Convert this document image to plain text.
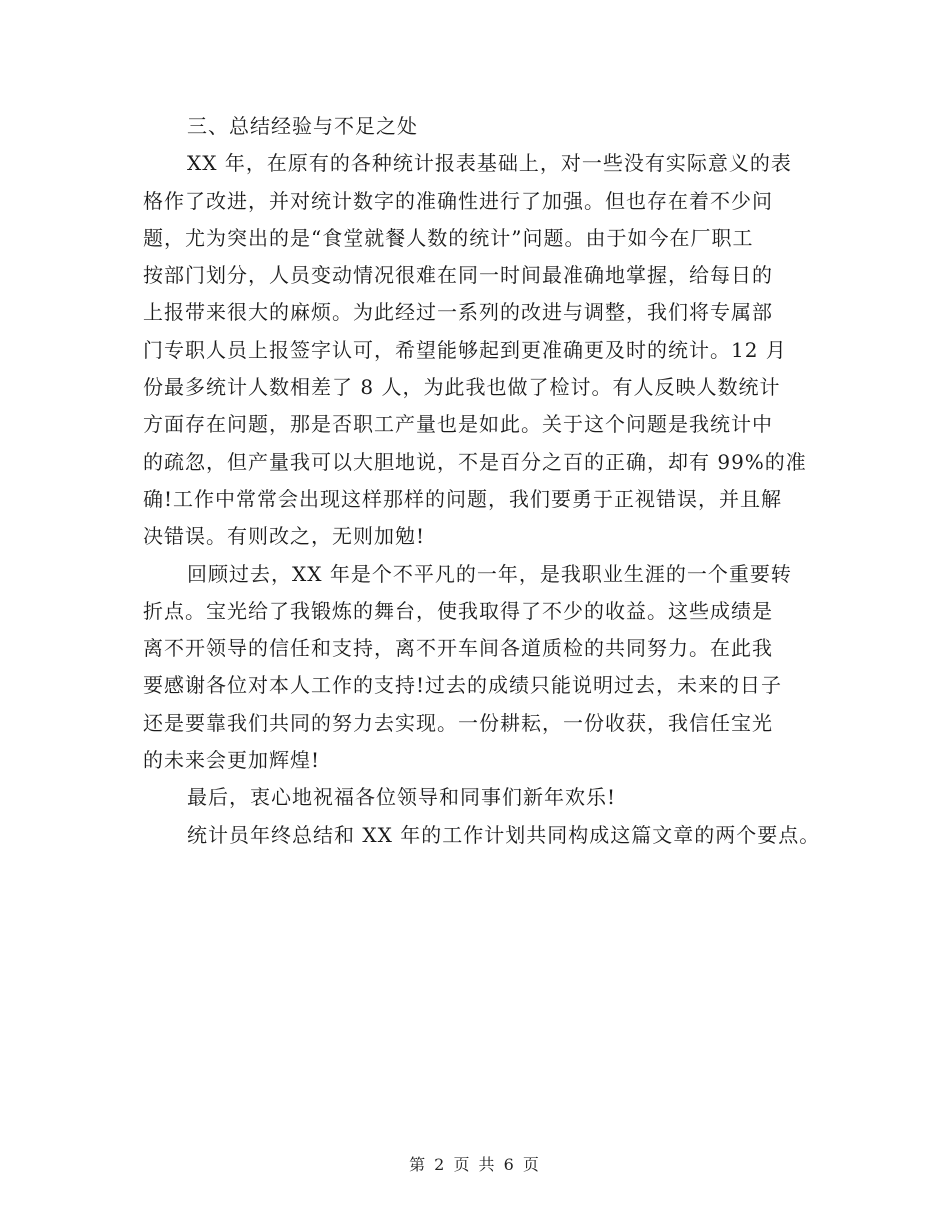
三、总结经验与不足之处
XX 年，在原有的各种统计报表基础上，对一些没有实际意义的表
格作了改进，并对统计数字的准确性进行了加强。但也存在着不少问
题，尤为突出的是“食堂就餐人数的统计”问题。由于如今在厂职工
按部门划分，人员变动情况很难在同一时间最准确地掌握，给每日的
上报带来很大的麻烦。为此经过一系列的改进与调整，我们将专属部
门专职人员上报签字认可，希望能够起到更准确更及时的统计。12 月
份最多统计人数相差了 8 人，为此我也做了检讨。有人反映人数统计
方面存在问题，那是否职工产量也是如此。关于这个问题是我统计中
的疏忽，但产量我可以大胆地说，不是百分之百的正确，却有 99%的准
确!工作中常常会出现这样那样的问题，我们要勇于正视错误，并且解
决错误。有则改之，无则加勉!
回顾过去，XX 年是个不平凡的一年，是我职业生涯的一个重要转
折点。宝光给了我锻炼的舞台，使我取得了不少的收益。这些成绩是
离不开领导的信任和支持，离不开车间各道质检的共同努力。在此我
要感谢各位对本人工作的支持!过去的成绩只能说明过去，未来的日子
还是要靠我们共同的努力去实现。一份耕耘，一份收获，我信任宝光
的未来会更加辉煌!
最后，衷心地祝福各位领导和同事们新年欢乐!
统计员年终总结和 XX 年的工作计划共同构成这篇文章的两个要点。
第 2 页 共 6 页
